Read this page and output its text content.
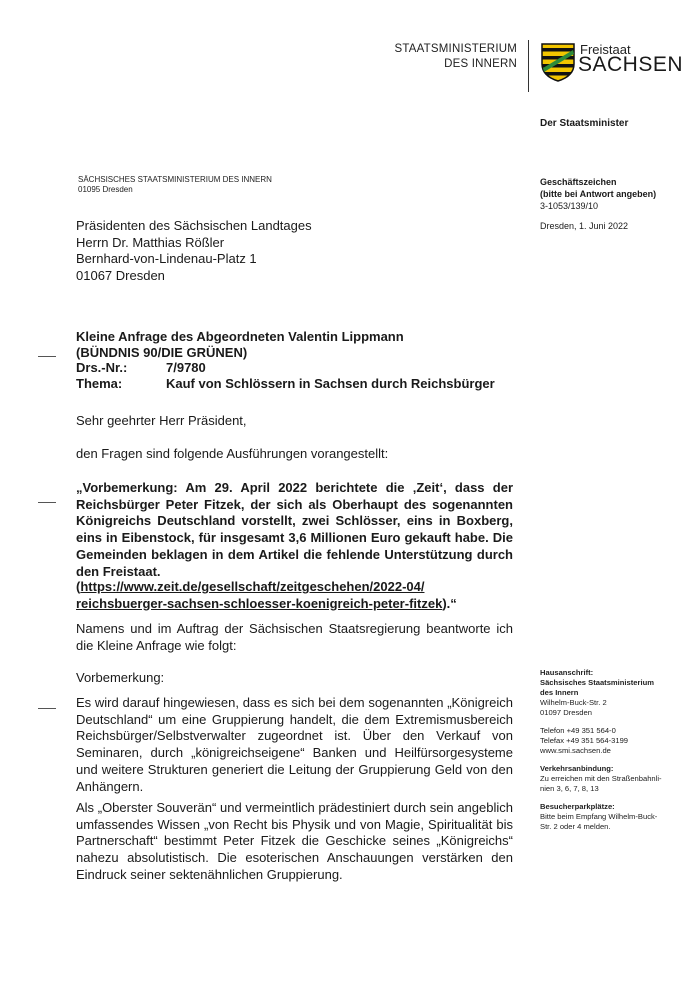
STAATSMINISTERIUM
DES INNERN
Freistaat
SACHSEN
Der Staatsminister
SÄCHSISCHES STAATSMINISTERIUM DES INNERN
01095 Dresden
Geschäftszeichen
(bitte bei Antwort angeben)
3-1053/139/10
Dresden, 1. Juni 2022
Präsidenten des Sächsischen Landtages
Herrn Dr. Matthias Rößler
Bernhard-von-Lindenau-Platz 1
01067 Dresden
Kleine Anfrage des Abgeordneten Valentin Lippmann
(BÜNDNIS 90/DIE GRÜNEN)
Drs.-Nr.:	7/9780
Thema:	Kauf von Schlössern in Sachsen durch Reichsbürger
Sehr geehrter Herr Präsident,
den Fragen sind folgende Ausführungen vorangestellt:
„Vorbemerkung: Am 29. April 2022 berichtete die ‚Zeit‘, dass der Reichsbürger Peter Fitzek, der sich als Oberhaupt des sogenannten Königreichs Deutschland vorstellt, zwei Schlösser, eins in Boxberg, eins in Eibenstock, für insgesamt 3,6 Millionen Euro gekauft habe. Die Gemeinden beklagen in dem Artikel die fehlende Unterstützung durch den Freistaat.
(https://www.zeit.de/gesellschaft/zeitgeschehen/2022-04/
reichsbuerger-sachsen-schloesser-koenigreich-peter-fitzek).“
Namens und im Auftrag der Sächsischen Staatsregierung beantworte ich die Kleine Anfrage wie folgt:
Vorbemerkung:
Es wird darauf hingewiesen, dass es sich bei dem sogenannten „Königreich Deutschland“ um eine Gruppierung handelt, die dem Extremismusbereich Reichsbürger/Selbstverwalter zugeordnet ist. Über den Verkauf von Seminaren, durch „königreichseigene“ Banken und Heilfürsorgesysteme und weitere Strukturen generiert die Leitung der Gruppierung Geld von den Anhängern.
Als „Oberster Souverän“ und vermeintlich prädestiniert durch sein angeblich umfassendes Wissen „von Recht bis Physik und von Magie, Spiritualität bis Partnerschaft“ bestimmt Peter Fitzek die Geschicke seines „Königreichs“ nahezu absolutistisch. Die esoterischen Anschauungen verstärken den Eindruck seiner sektenähnlichen Gruppierung.
Hausanschrift:
Sächsisches Staatsministerium
des Innern
Wilhelm-Buck-Str. 2
01097 Dresden
Telefon +49 351 564-0
Telefax +49 351 564-3199
www.smi.sachsen.de
Verkehrsanbindung:
Zu erreichen mit den Straßenbahnli-
nien 3, 6, 7, 8, 13
Besucherparkplätze:
Bitte beim Empfang Wilhelm-Buck-
Str. 2 oder 4 melden.
